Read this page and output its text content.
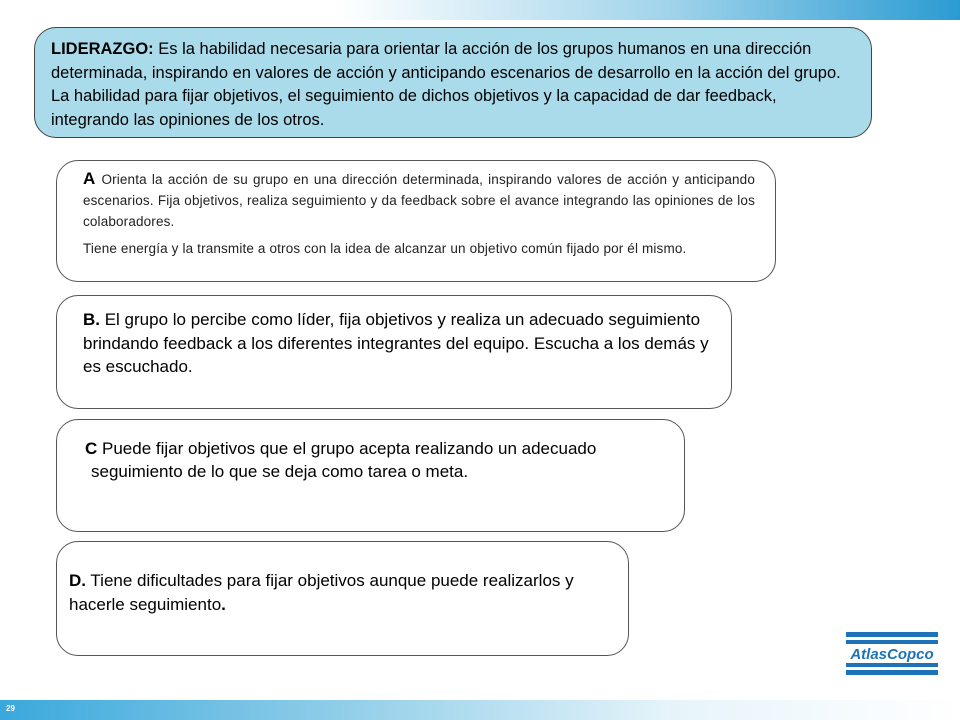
LIDERAZGO: Es la habilidad necesaria para orientar la acción de los grupos humanos en una dirección determinada, inspirando en valores de acción y anticipando escenarios de desarrollo en la acción del grupo. La habilidad para fijar objetivos, el seguimiento de dichos objetivos y la capacidad de dar feedback, integrando las opiniones de los otros.

A Orienta la acción de su grupo en una dirección determinada, inspirando valores de acción y anticipando escenarios. Fija objetivos, realiza seguimiento y da feedback sobre el avance integrando las opiniones de los colaboradores.

Tiene energía y la transmite a otros con la idea de alcanzar un objetivo común fijado por él mismo.

B. El grupo lo percibe como líder, fija objetivos y realiza un adecuado seguimiento brindando feedback a los diferentes integrantes del equipo. Escucha a los demás y es escuchado.

C Puede fijar objetivos que el grupo acepta realizando un adecuado

seguimiento de lo que se deja como tarea o meta.

D. Tiene dificultades para fijar objetivos aunque puede realizarlos y hacerle seguimiento.

AtlasCopco
29
